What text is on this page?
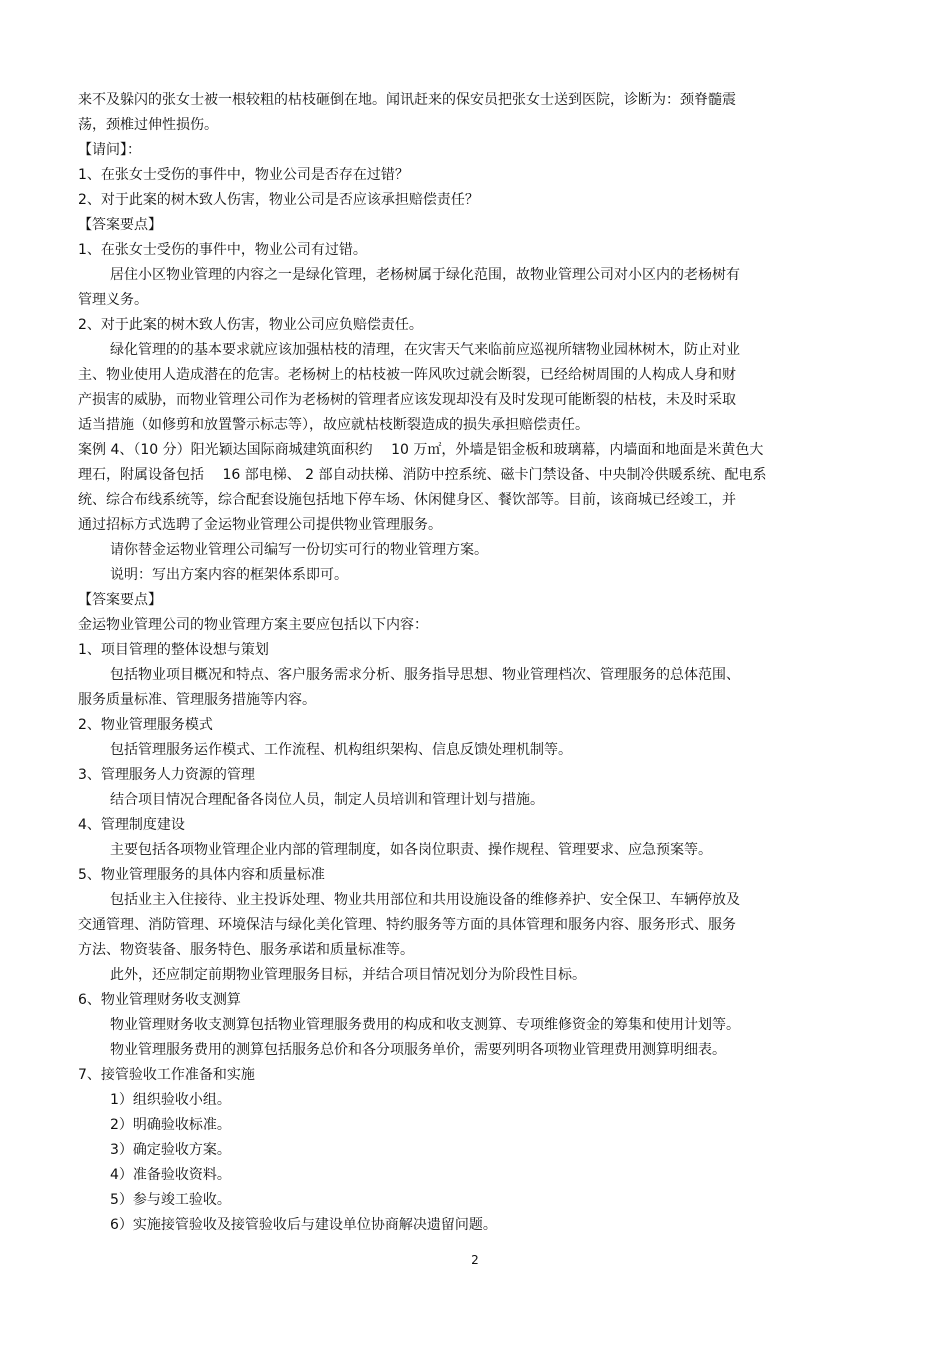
来不及躲闪的张女士被一根较粗的枯枝砸倒在地。闻讯赶来的保安员把张女士送到医院，诊断为：颈脊髓震
荡，颈椎过伸性损伤。
【请问】：
1、在张女士受伤的事件中，物业公司是否存在过错？
2、对于此案的树木致人伤害，物业公司是否应该承担赔偿责任？
【答案要点】
1、在张女士受伤的事件中，物业公司有过错。
居住小区物业管理的内容之一是绿化管理，老杨树属于绿化范围，故物业管理公司对小区内的老杨树有
管理义务。
2、对于此案的树木致人伤害，物业公司应负赔偿责任。
绿化管理的的基本要求就应该加强枯枝的清理，在灾害天气来临前应巡视所辖物业园林树木，防止对业
主、物业使用人造成潜在的危害。老杨树上的枯枝被一阵风吹过就会断裂，已经给树周围的人构成人身和财
产损害的威胁，而物业管理公司作为老杨树的管理者应该发现却没有及时发现可能断裂的枯枝，未及时采取
适当措施（如修剪和放置警示标志等），故应就枯枝断裂造成的损失承担赔偿责任。
案例 4、（10 分）阳光颖达国际商城建筑面积约　 10 万㎡，外墙是铝金板和玻璃幕，内墙面和地面是米黄色大
理石，附属设备包括　 16 部电梯、 2 部自动扶梯、消防中控系统、磁卡门禁设备、中央制冷供暖系统、配电系
统、综合布线系统等，综合配套设施包括地下停车场、休闲健身区、餐饮部等。目前，该商城已经竣工，并
通过招标方式选聘了金运物业管理公司提供物业管理服务。
请你替金运物业管理公司编写一份切实可行的物业管理方案。
说明：写出方案内容的框架体系即可。
【答案要点】
金运物业管理公司的物业管理方案主要应包括以下内容：
1、项目管理的整体设想与策划
包括物业项目概况和特点、客户服务需求分析、服务指导思想、物业管理档次、管理服务的总体范围、
服务质量标准、管理服务措施等内容。
2、物业管理服务模式
包括管理服务运作模式、工作流程、机构组织架构、信息反馈处理机制等。
3、管理服务人力资源的管理
结合项目情况合理配备各岗位人员，制定人员培训和管理计划与措施。
4、管理制度建设
主要包括各项物业管理企业内部的管理制度，如各岗位职责、操作规程、管理要求、应急预案等。
5、物业管理服务的具体内容和质量标准
包括业主入住接待、业主投诉处理、物业共用部位和共用设施设备的维修养护、安全保卫、车辆停放及
交通管理、消防管理、环境保洁与绿化美化管理、特约服务等方面的具体管理和服务内容、服务形式、服务
方法、物资装备、服务特色、服务承诺和质量标准等。
此外，还应制定前期物业管理服务目标，并结合项目情况划分为阶段性目标。
6、物业管理财务收支测算
物业管理财务收支测算包括物业管理服务费用的构成和收支测算、专项维修资金的筹集和使用计划等。
物业管理服务费用的测算包括服务总价和各分项服务单价，需要列明各项物业管理费用测算明细表。
7、接管验收工作准备和实施
1）组织验收小组。
2）明确验收标准。
3）确定验收方案。
4）准备验收资料。
5）参与竣工验收。
6）实施接管验收及接管验收后与建设单位协商解决遗留问题。
2
